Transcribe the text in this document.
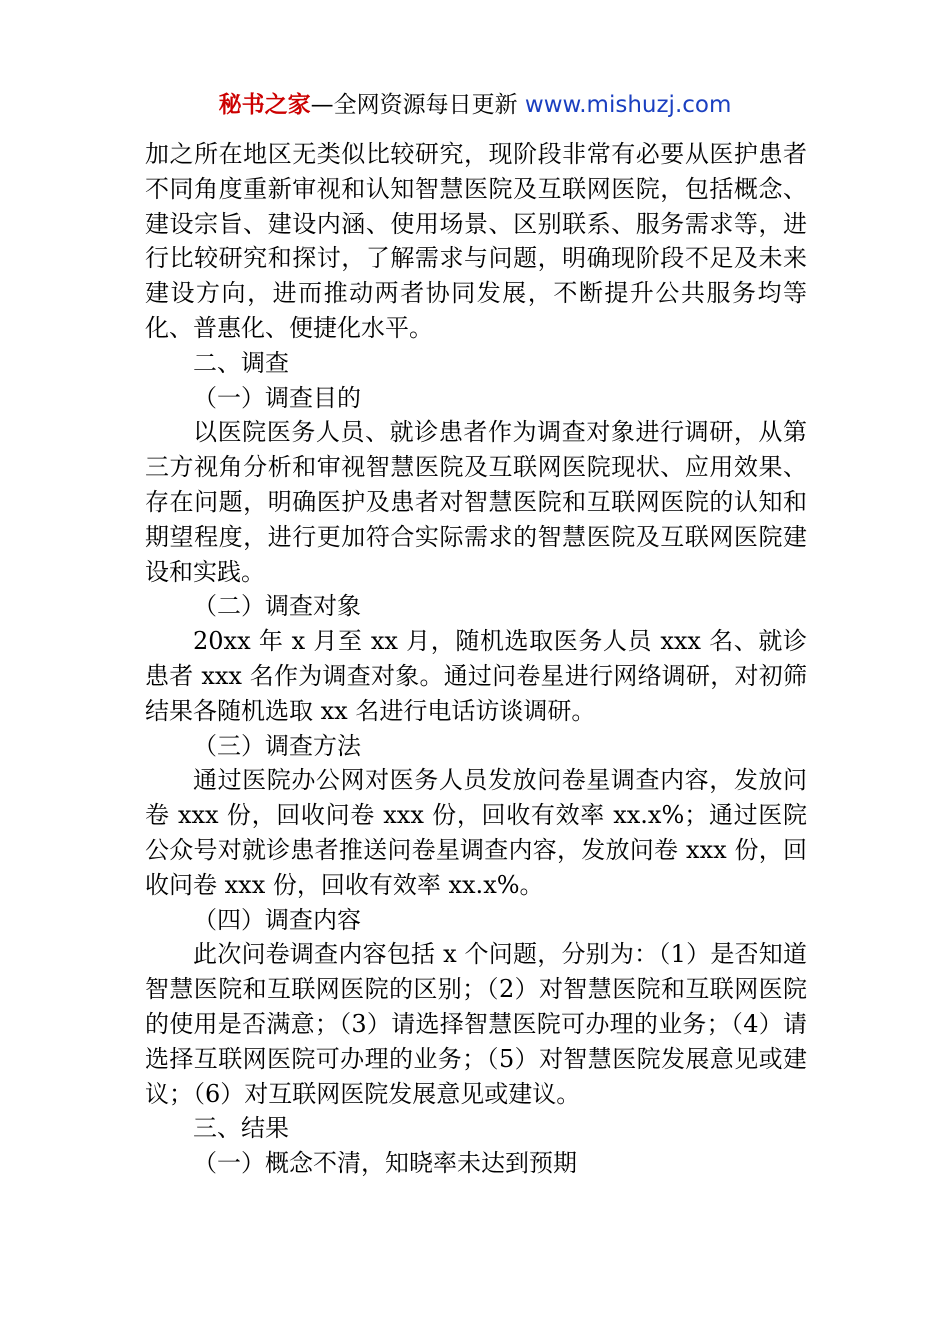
秘书之家—全网资源每日更新 www.mishuzj.com

加之所在地区无类似比较研究，现阶段非常有必要从医护患者不同角度重新审视和认知智慧医院及互联网医院，包括概念、建设宗旨、建设内涵、使用场景、区别联系、服务需求等，进行比较研究和探讨，了解需求与问题，明确现阶段不足及未来建设方向，进而推动两者协同发展，不断提升公共服务均等化、普惠化、便捷化水平。

二、调查

（一）调查目的

以医院医务人员、就诊患者作为调查对象进行调研，从第三方视角分析和审视智慧医院及互联网医院现状、应用效果、存在问题，明确医护及患者对智慧医院和互联网医院的认知和期望程度，进行更加符合实际需求的智慧医院及互联网医院建设和实践。

（二）调查对象

20xx 年 x 月至 xx 月，随机选取医务人员 xxx 名、就诊患者 xxx 名作为调查对象。通过问卷星进行网络调研，对初筛结果各随机选取 xx 名进行电话访谈调研。

（三）调查方法

通过医院办公网对医务人员发放问卷星调查内容，发放问卷 xxx 份，回收问卷 xxx 份，回收有效率 xx.x%；通过医院公众号对就诊患者推送问卷星调查内容，发放问卷 xxx 份，回收问卷 xxx 份，回收有效率 xx.x%。

（四）调查内容

此次问卷调查内容包括 x 个问题，分别为：（1）是否知道智慧医院和互联网医院的区别；（2）对智慧医院和互联网医院的使用是否满意；（3）请选择智慧医院可办理的业务；（4）请选择互联网医院可办理的业务；（5）对智慧医院发展意见或建议；（6）对互联网医院发展意见或建议。

三、结果

（一）概念不清，知晓率未达到预期
